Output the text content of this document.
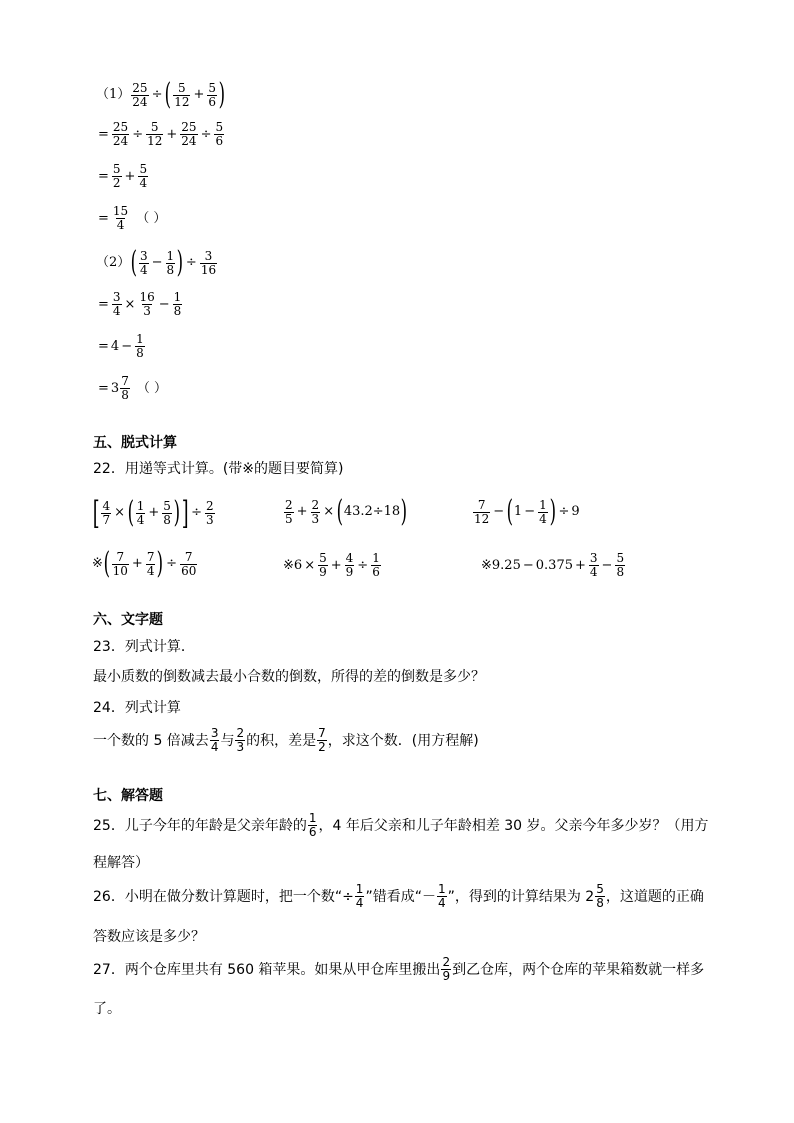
$(1) \frac{25}{24}$ ÷ ( $\frac{5}{12} + \frac{5}{6}$ )
= $\frac{25}{24} \div \frac{5}{12} + \frac{25}{24} \div \frac{5}{6}$
= $\frac{5}{2} + \frac{5}{4}$
= $\frac{15}{4}$ （ ）
（2） ( $\frac{3}{4} - \frac{1}{8}$ ) ÷ $\frac{3}{16}$
= $\frac{3}{4} \times \frac{16}{3} - \frac{1}{8}$
= $4 - \frac{1}{8}$
= $3 \frac{7}{8}$ （ ）
五、脱式计算
22．用递等式计算。(带※的题目要简算)
[ $\frac{4}{7}$ × ( $\frac{1}{4} + \frac{5}{8}$ ) ] ÷ $\frac{2}{3}$	$\frac{2}{5} + \frac{2}{3}$ × ( 43.2÷18 )	$\frac{7}{12}$ − ( $1 - \frac{1}{4}$ ) ÷ 9
※ ( $\frac{7}{10} + \frac{7}{4}$ ) ÷ $\frac{7}{60}$	※ $6 \times \frac{5}{9} + \frac{4}{9} \div \frac{1}{6}$	※ $9.25 - 0.375 + \frac{3}{4} - \frac{5}{8}$
六、文字题
23．列式计算．
最小质数的倒数减去最小合数的倒数，所得的差的倒数是多少？
24．列式计算
一个数的 5 倍减去 $\frac{3}{4}$ 与 $\frac{2}{3}$ 的积，差是 $\frac{7}{2}$ ，求这个数．(用方程解)
七、解答题
25．儿子今年的年龄是父亲年龄的 $\frac{1}{6}$ ，4 年后父亲和儿子年龄相差 30 岁。父亲今年多少岁？（用方
程解答）
26．小明在做分数计算题时，把一个数“÷ $\frac{1}{4}$ ”错看成“－ $\frac{1}{4}$ ”，得到的计算结果为 $2 \frac{5}{8}$ ，这道题的正确
答数应该是多少？
27．两个仓库里共有 560 箱苹果。如果从甲仓库里搬出 $\frac{2}{9}$ 到乙仓库，两个仓库的苹果箱数就一样多
了。
